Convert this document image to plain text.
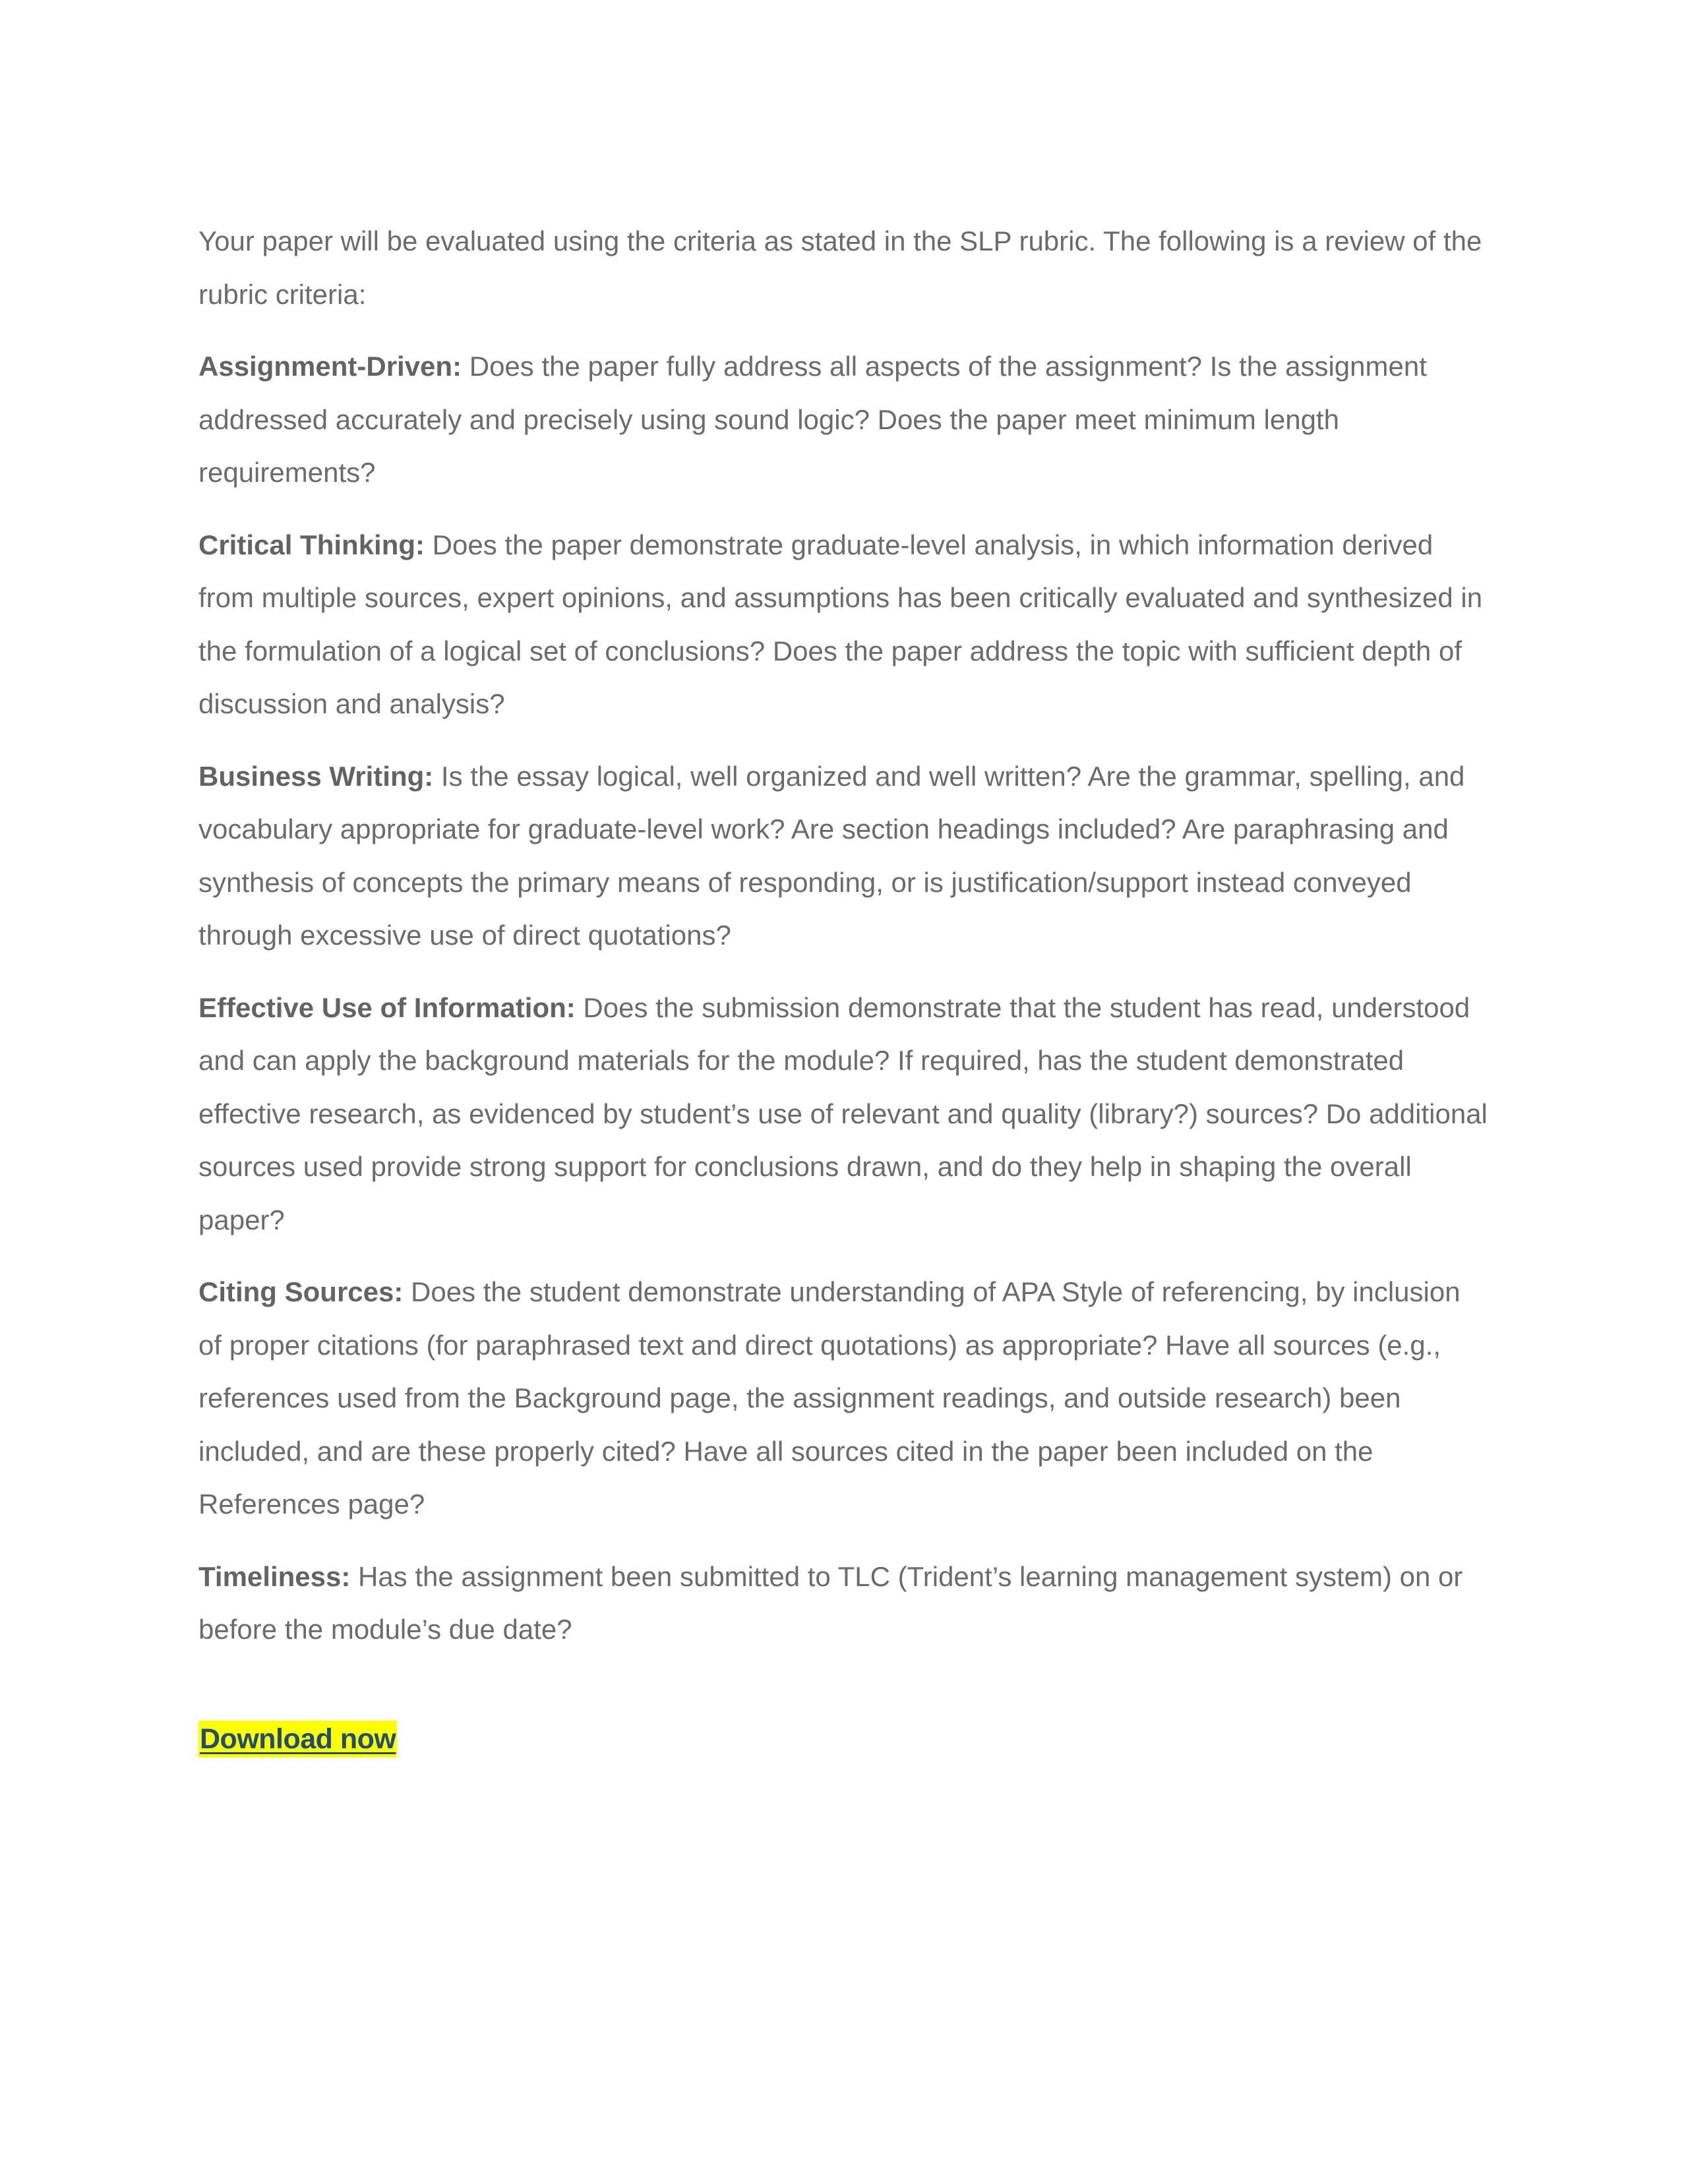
Your paper will be evaluated using the criteria as stated in the SLP rubric. The following is a review of the rubric criteria:

Assignment-Driven: Does the paper fully address all aspects of the assignment? Is the assignment addressed accurately and precisely using sound logic? Does the paper meet minimum length requirements?

Critical Thinking: Does the paper demonstrate graduate-level analysis, in which information derived from multiple sources, expert opinions, and assumptions has been critically evaluated and synthesized in the formulation of a logical set of conclusions? Does the paper address the topic with sufficient depth of discussion and analysis?

Business Writing: Is the essay logical, well organized and well written? Are the grammar, spelling, and vocabulary appropriate for graduate-level work? Are section headings included? Are paraphrasing and synthesis of concepts the primary means of responding, or is justification/support instead conveyed through excessive use of direct quotations?

Effective Use of Information: Does the submission demonstrate that the student has read, understood and can apply the background materials for the module? If required, has the student demonstrated effective research, as evidenced by student’s use of relevant and quality (library?) sources? Do additional sources used provide strong support for conclusions drawn, and do they help in shaping the overall paper?

Citing Sources: Does the student demonstrate understanding of APA Style of referencing, by inclusion of proper citations (for paraphrased text and direct quotations) as appropriate? Have all sources (e.g., references used from the Background page, the assignment readings, and outside research) been included, and are these properly cited? Have all sources cited in the paper been included on the References page?

Timeliness: Has the assignment been submitted to TLC (Trident’s learning management system) on or before the module’s due date?

Download now
